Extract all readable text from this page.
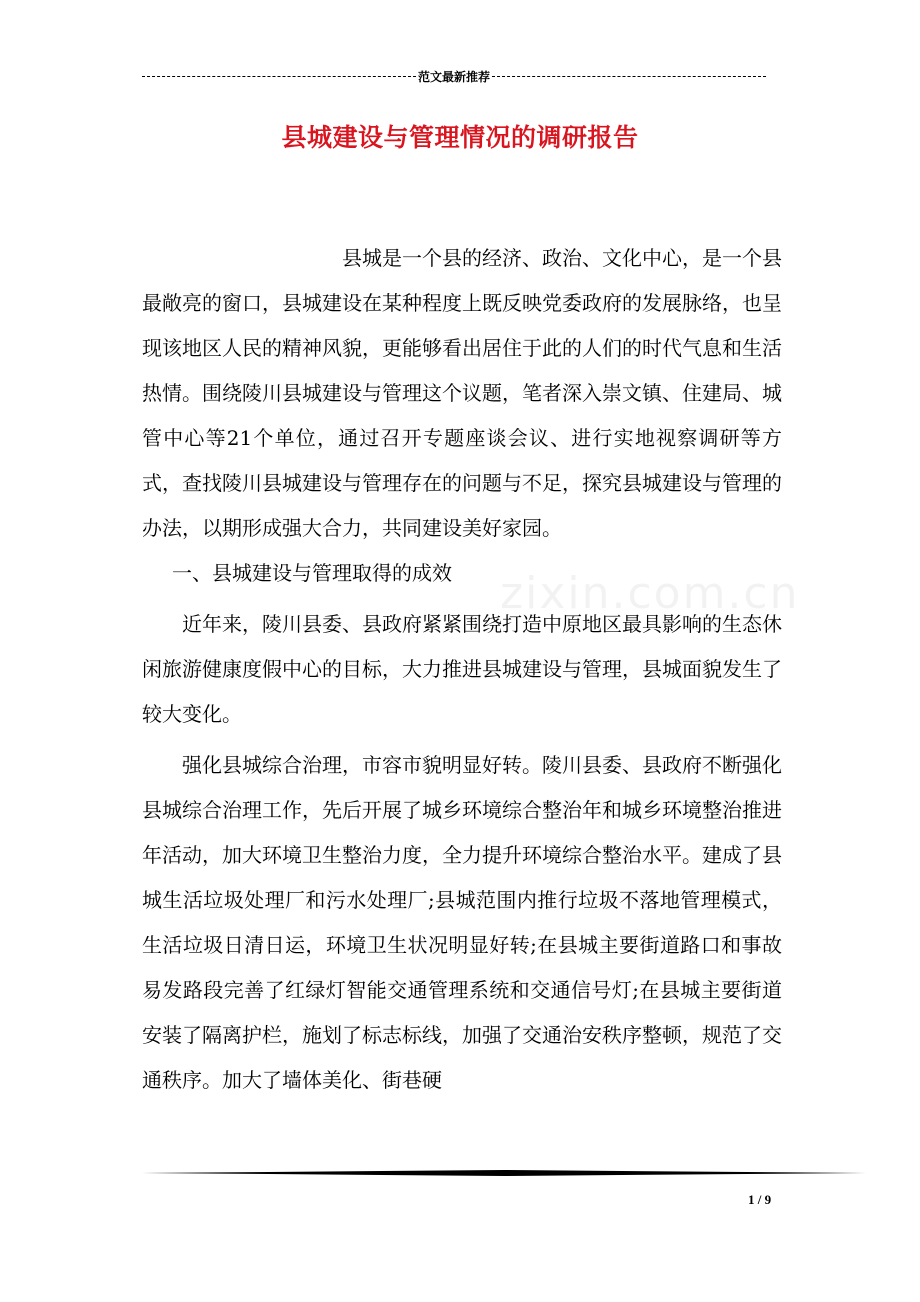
范文最新推荐
县城建设与管理情况的调研报告
zixin.com.cn

县城是一个县的经济、政治、文化中心，是一个县最敞亮的窗口，县城建设在某种程度上既反映党委政府的发展脉络，也呈现该地区人民的精神风貌，更能够看出居住于此的人们的时代气息和生活热情。围绕陵川县城建设与管理这个议题，笔者深入崇文镇、住建局、城管中心等21个单位，通过召开专题座谈会议、进行实地视察调研等方式，查找陵川县城建设与管理存在的问题与不足，探究县城建设与管理的办法，以期形成强大合力，共同建设美好家园。

一、县城建设与管理取得的成效

近年来，陵川县委、县政府紧紧围绕打造中原地区最具影响的生态休闲旅游健康度假中心的目标，大力推进县城建设与管理，县城面貌发生了较大变化。

强化县城综合治理，市容市貌明显好转。陵川县委、县政府不断强化县城综合治理工作，先后开展了城乡环境综合整治年和城乡环境整治推进年活动，加大环境卫生整治力度，全力提升环境综合整治水平。建成了县城生活垃圾处理厂和污水处理厂;县城范围内推行垃圾不落地管理模式，生活垃圾日清日运，环境卫生状况明显好转;在县城主要街道路口和事故易发路段完善了红绿灯智能交通管理系统和交通信号灯;在县城主要街道安装了隔离护栏，施划了标志标线，加强了交通治安秩序整顿，规范了交通秩序。加大了墙体美化、街巷硬

1 / 9
